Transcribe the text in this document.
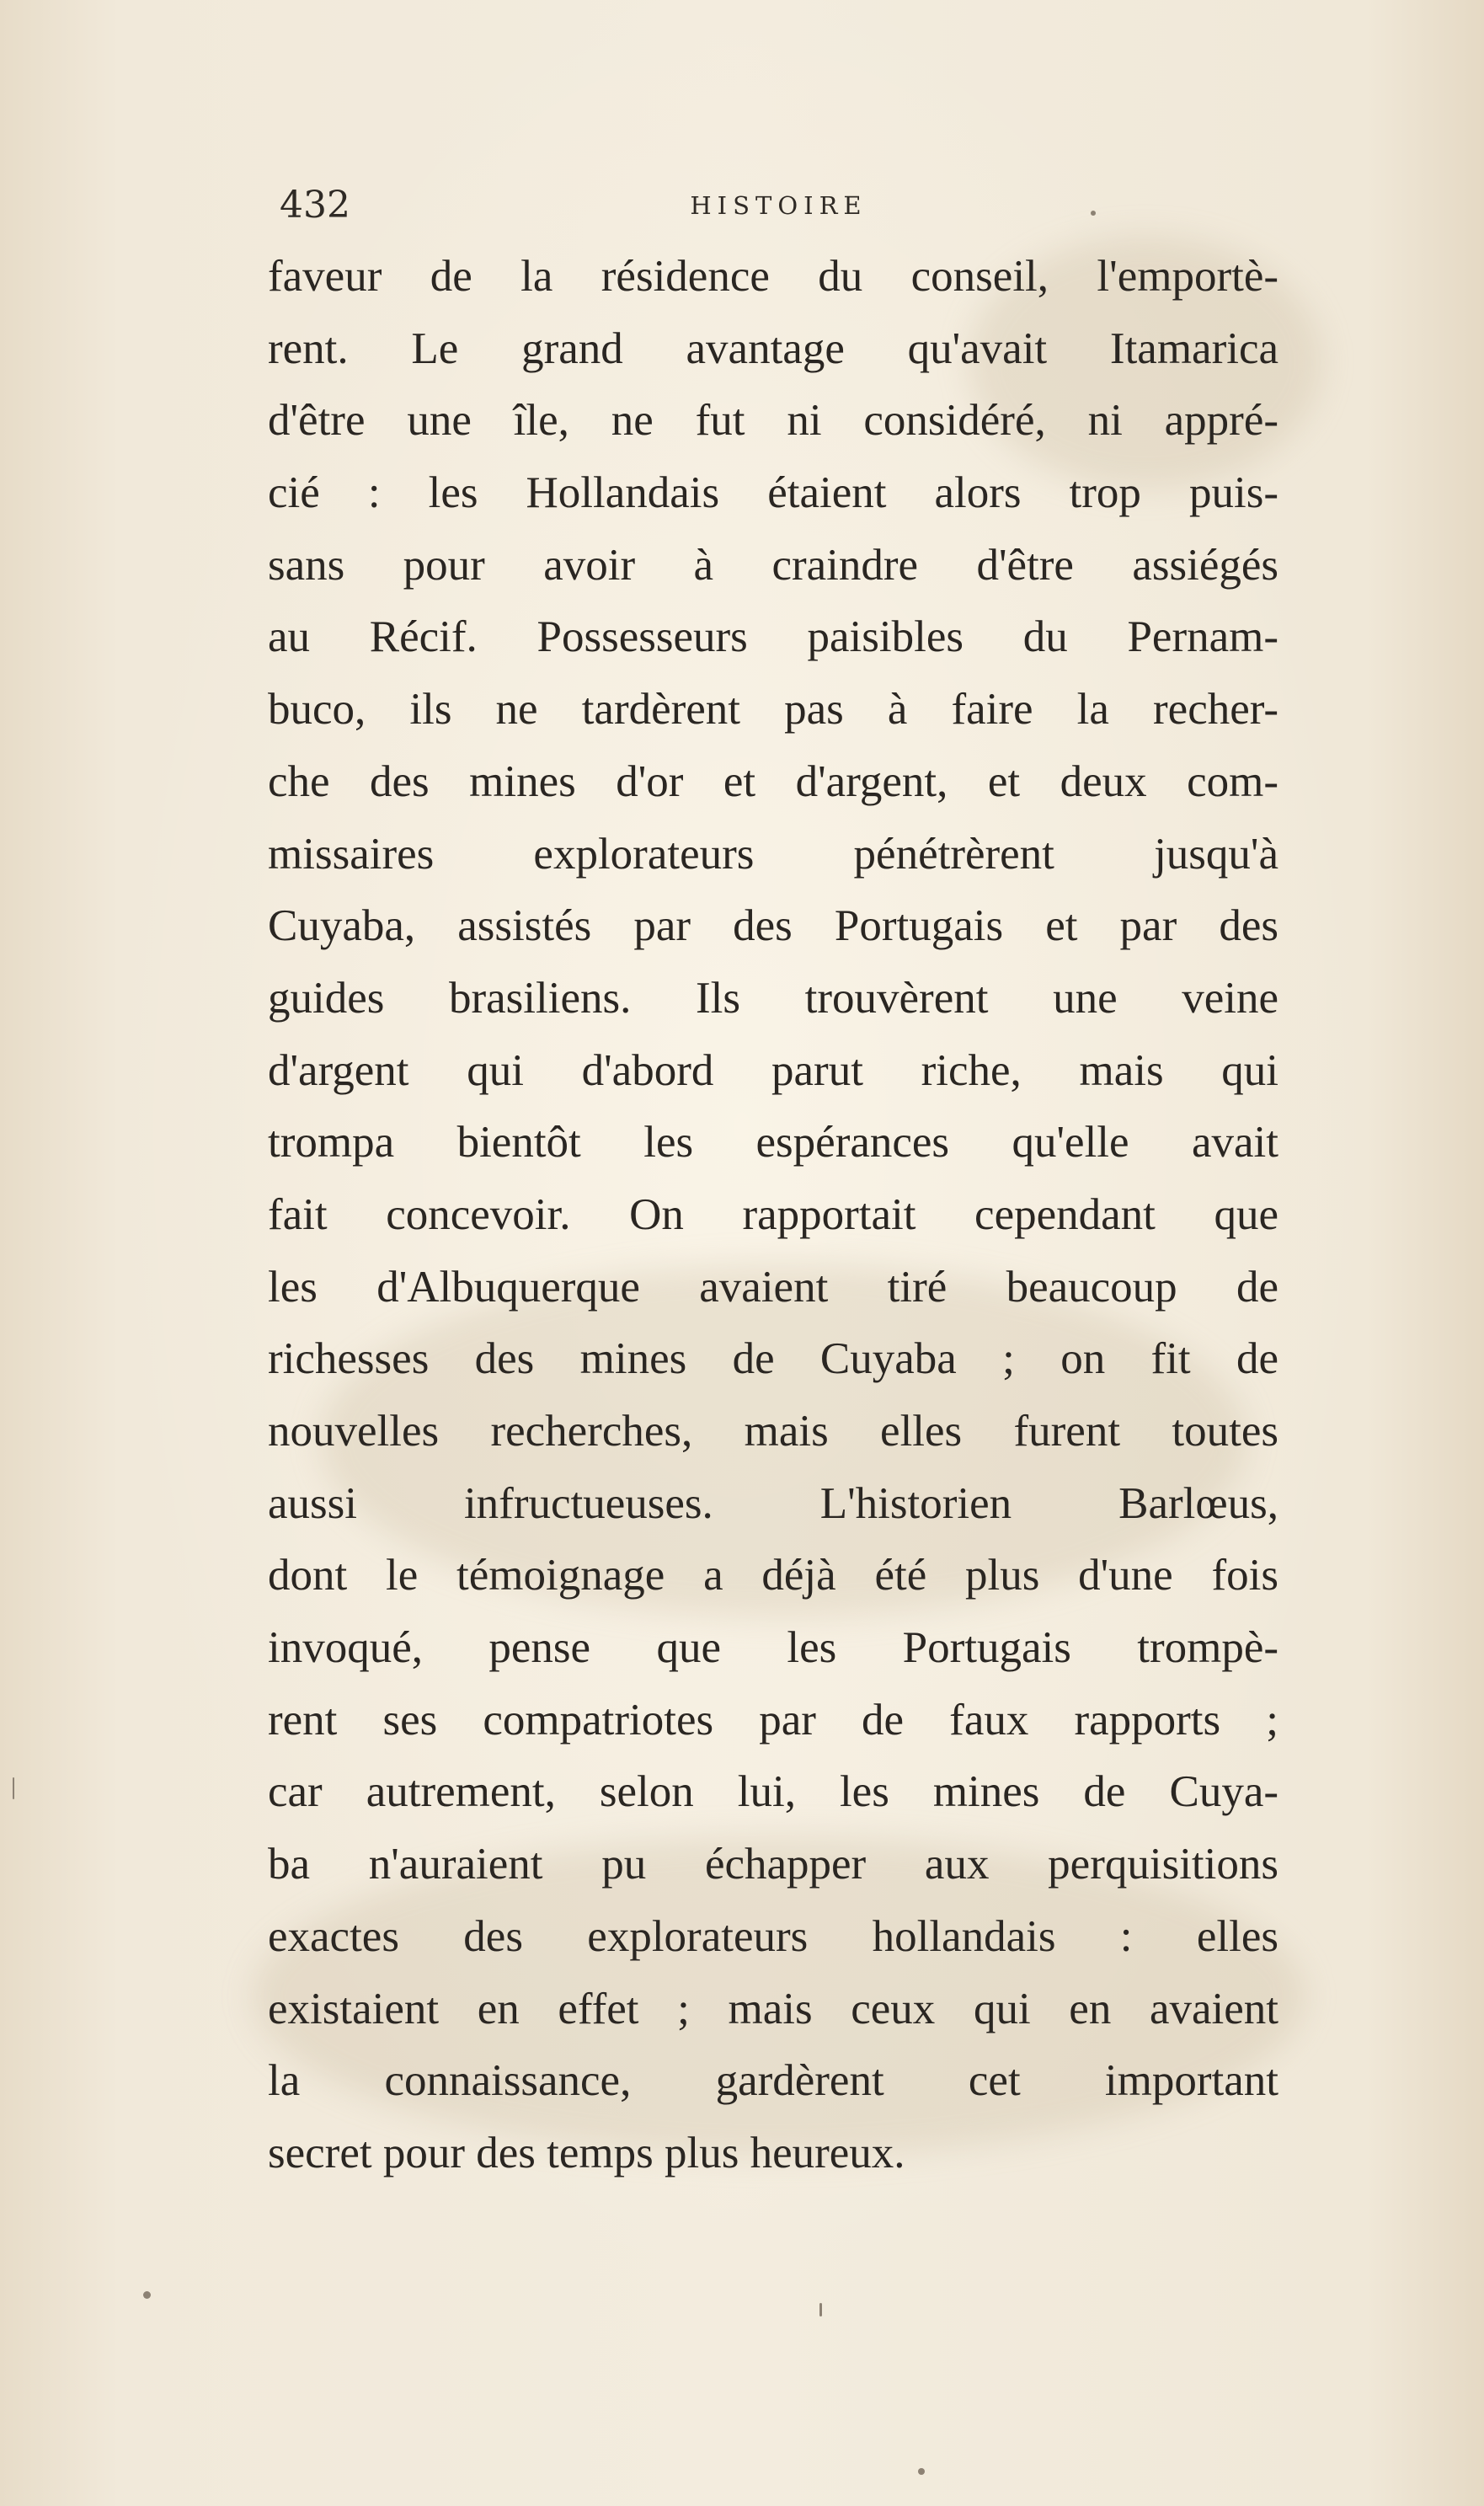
432	HISTOIRE
faveur de la résidence du conseil, l'emportè-
rent. Le grand avantage qu'avait Itamarica
d'être une île, ne fut ni considéré, ni appré-
cié : les Hollandais étaient alors trop puis-
sans pour avoir à craindre d'être assiégés
au Récif. Possesseurs paisibles du Pernam-
buco, ils ne tardèrent pas à faire la recher-
che des mines d'or et d'argent, et deux com-
missaires explorateurs pénétrèrent jusqu'à
Cuyaba, assistés par des Portugais et par des
guides brasiliens. Ils trouvèrent une veine
d'argent qui d'abord parut riche, mais qui
trompa bientôt les espérances qu'elle avait
fait concevoir. On rapportait cependant que
les d'Albuquerque avaient tiré beaucoup de
richesses des mines de Cuyaba ; on fit de
nouvelles recherches, mais elles furent toutes
aussi infructueuses. L'historien Barlœus,
dont le témoignage a déjà été plus d'une fois
invoqué, pense que les Portugais trompè-
rent ses compatriotes par de faux rapports ;
car autrement, selon lui, les mines de Cuya-
ba n'auraient pu échapper aux perquisitions
exactes des explorateurs hollandais : elles
existaient en effet ; mais ceux qui en avaient
la connaissance, gardèrent cet important
secret pour des temps plus heureux.
